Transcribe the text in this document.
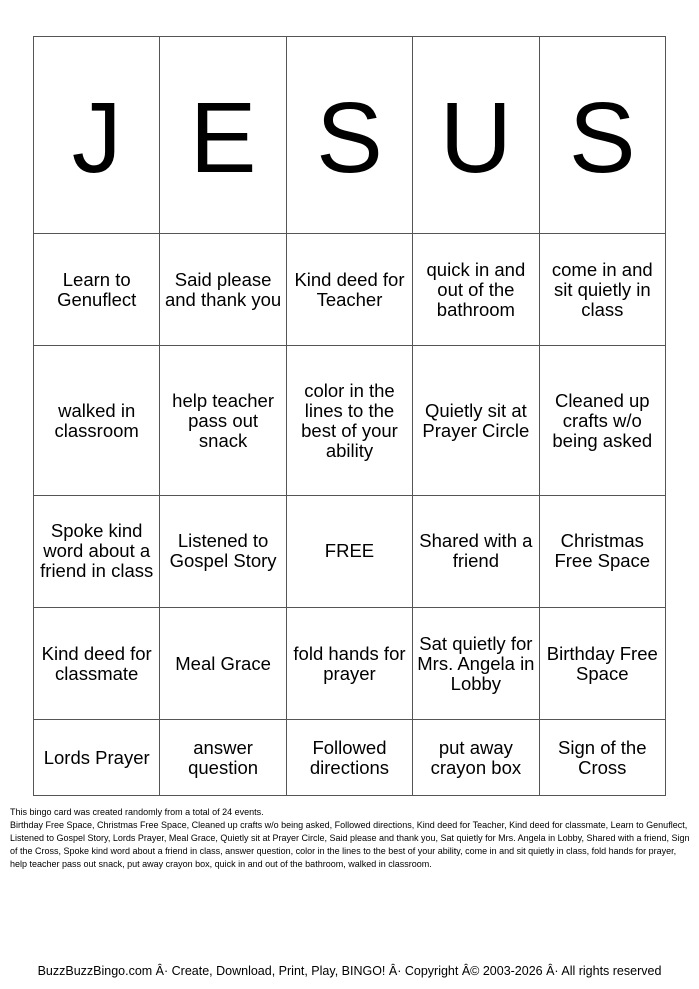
J	E	S	U	S
Learn to Genuflect	Said please and thank you	Kind deed for Teacher	quick in and out of the bathroom	come in and sit quietly in class
walked in classroom	help teacher pass out snack	color in the lines to the best of your ability	Quietly sit at Prayer Circle	Cleaned up crafts w/o being asked
Spoke kind word about a friend in class	Listened to Gospel Story	FREE	Shared with a friend	Christmas Free Space
Kind deed for classmate	Meal Grace	fold hands for prayer	Sat quietly for Mrs. Angela in Lobby	Birthday Free Space
Lords Prayer	answer question	Followed directions	put away crayon box	Sign of the Cross

This bingo card was created randomly from a total of 24 events.

Birthday Free Space, Christmas Free Space, Cleaned up crafts w/o being asked, Followed directions, Kind deed for Teacher, Kind deed for classmate, Learn to Genuflect, Listened to Gospel Story, Lords Prayer, Meal Grace, Quietly sit at Prayer Circle, Said please and thank you, Sat quietly for Mrs. Angela in Lobby, Shared with a friend, Sign of the Cross, Spoke kind word about a friend in class, answer question, color in the lines to the best of your ability, come in and sit quietly in class, fold hands for prayer, help teacher pass out snack, put away crayon box, quick in and out of the bathroom, walked in classroom.

BuzzBuzzBingo.com Â· Create, Download, Print, Play, BINGO! Â· Copyright Â© 2003-2026 Â· All rights reserved
